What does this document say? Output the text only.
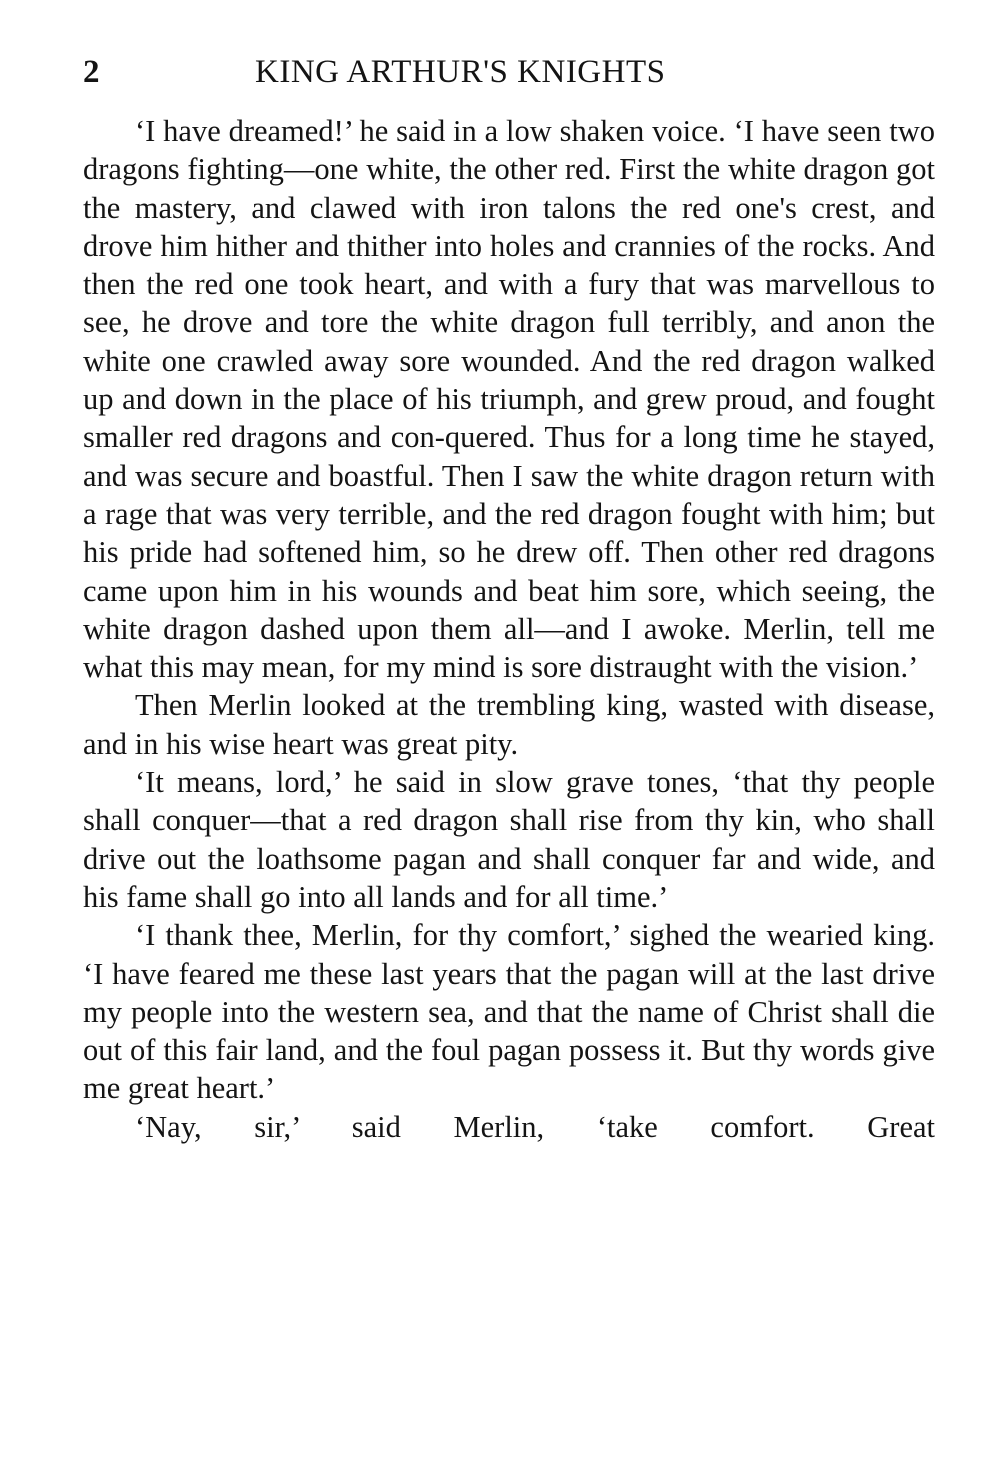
2	KING ARTHUR'S KNIGHTS

‘I have dreamed!’ he said in a low shaken voice. ‘I have seen two dragons fighting—one white, the other red. First the white dragon got the mastery, and clawed with iron talons the red one's crest, and drove him hither and thither into holes and crannies of the rocks. And then the red one took heart, and with a fury that was marvellous to see, he drove and tore the white dragon full terribly, and anon the white one crawled away sore wounded. And the red dragon walked up and down in the place of his triumph, and grew proud, and fought smaller red dragons and con-quered. Thus for a long time he stayed, and was secure and boastful. Then I saw the white dragon return with a rage that was very terrible, and the red dragon fought with him; but his pride had softened him, so he drew off. Then other red dragons came upon him in his wounds and beat him sore, which seeing, the white dragon dashed upon them all—and I awoke. Merlin, tell me what this may mean, for my mind is sore distraught with the vision.’

Then Merlin looked at the trembling king, wasted with disease, and in his wise heart was great pity.

‘It means, lord,’ he said in slow grave tones, ‘that thy people shall conquer—that a red dragon shall rise from thy kin, who shall drive out the loathsome pagan and shall conquer far and wide, and his fame shall go into all lands and for all time.’

‘I thank thee, Merlin, for thy comfort,’ sighed the wearied king. ‘I have feared me these last years that the pagan will at the last drive my people into the western sea, and that the name of Christ shall die out of this fair land, and the foul pagan possess it. But thy words give me great heart.’

‘Nay, sir,’ said Merlin, ‘take comfort. Great
